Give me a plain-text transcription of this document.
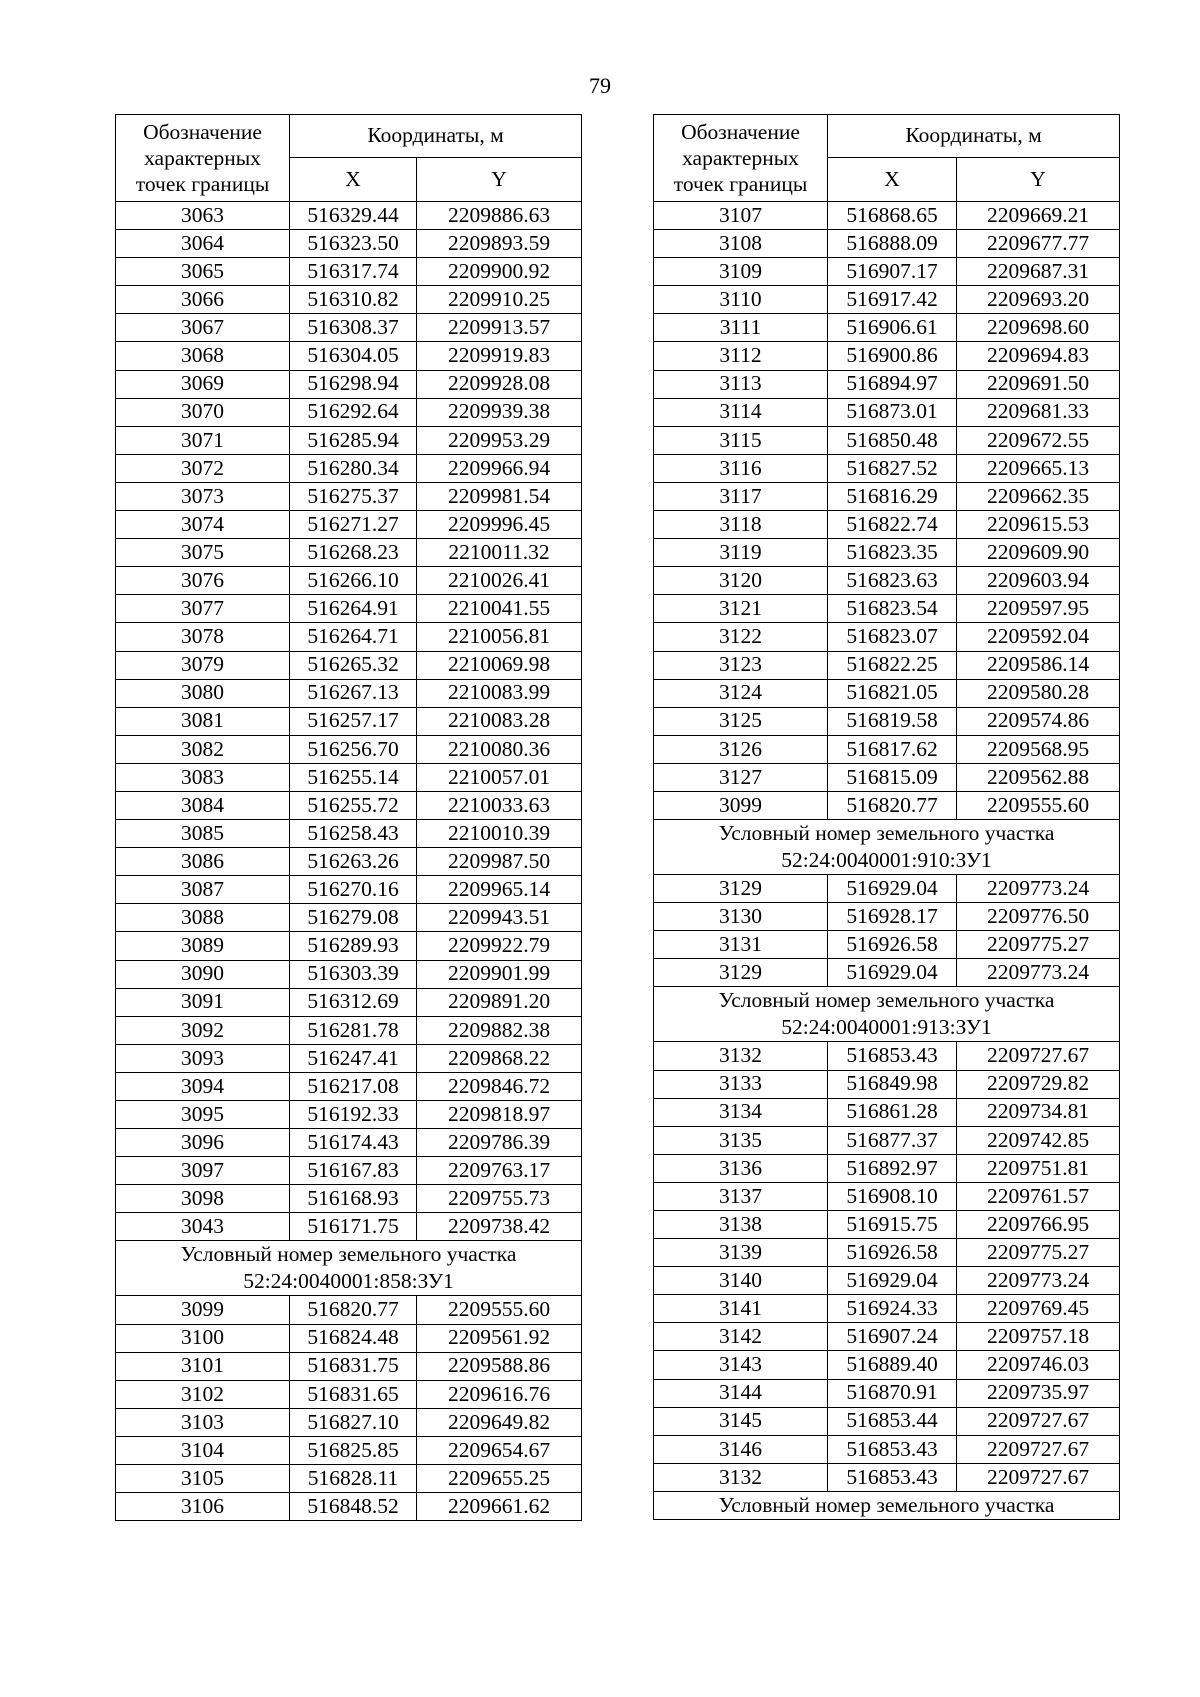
79
Обозначение
характерных
точек границы	Координаты, м	
	X	Y
3063	516329.44	2209886.63
3064	516323.50	2209893.59
3065	516317.74	2209900.92
3066	516310.82	2209910.25
3067	516308.37	2209913.57
3068	516304.05	2209919.83
3069	516298.94	2209928.08
3070	516292.64	2209939.38
3071	516285.94	2209953.29
3072	516280.34	2209966.94
3073	516275.37	2209981.54
3074	516271.27	2209996.45
3075	516268.23	2210011.32
3076	516266.10	2210026.41
3077	516264.91	2210041.55
3078	516264.71	2210056.81
3079	516265.32	2210069.98
3080	516267.13	2210083.99
3081	516257.17	2210083.28
3082	516256.70	2210080.36
3083	516255.14	2210057.01
3084	516255.72	2210033.63
3085	516258.43	2210010.39
3086	516263.26	2209987.50
3087	516270.16	2209965.14
3088	516279.08	2209943.51
3089	516289.93	2209922.79
3090	516303.39	2209901.99
3091	516312.69	2209891.20
3092	516281.78	2209882.38
3093	516247.41	2209868.22
3094	516217.08	2209846.72
3095	516192.33	2209818.97
3096	516174.43	2209786.39
3097	516167.83	2209763.17
3098	516168.93	2209755.73
3043	516171.75	2209738.42

Условный номер земельного участка
52:24:0040001:858:ЗУ1		

3099	516820.77	2209555.60
3100	516824.48	2209561.92
3101	516831.75	2209588.86
3102	516831.65	2209616.76
3103	516827.10	2209649.82
3104	516825.85	2209654.67
3105	516828.11	2209655.25
3106	516848.52	2209661.62
Обозначение
характерных
точек границы	Координаты, м	
	X	Y
3107	516868.65	2209669.21
3108	516888.09	2209677.77
3109	516907.17	2209687.31
3110	516917.42	2209693.20
3111	516906.61	2209698.60
3112	516900.86	2209694.83
3113	516894.97	2209691.50
3114	516873.01	2209681.33
3115	516850.48	2209672.55
3116	516827.52	2209665.13
3117	516816.29	2209662.35
3118	516822.74	2209615.53
3119	516823.35	2209609.90
3120	516823.63	2209603.94
3121	516823.54	2209597.95
3122	516823.07	2209592.04
3123	516822.25	2209586.14
3124	516821.05	2209580.28
3125	516819.58	2209574.86
3126	516817.62	2209568.95
3127	516815.09	2209562.88
3099	516820.77	2209555.60

Условный номер земельного участка
52:24:0040001:910:ЗУ1		

3129	516929.04	2209773.24
3130	516928.17	2209776.50
3131	516926.58	2209775.27
3129	516929.04	2209773.24

Условный номер земельного участка
52:24:0040001:913:ЗУ1		

3132	516853.43	2209727.67
3133	516849.98	2209729.82
3134	516861.28	2209734.81
3135	516877.37	2209742.85
3136	516892.97	2209751.81
3137	516908.10	2209761.57
3138	516915.75	2209766.95
3139	516926.58	2209775.27
3140	516929.04	2209773.24
3141	516924.33	2209769.45
3142	516907.24	2209757.18
3143	516889.40	2209746.03
3144	516870.91	2209735.97
3145	516853.44	2209727.67
3146	516853.43	2209727.67
3132	516853.43	2209727.67

Условный номер земельного участка		
